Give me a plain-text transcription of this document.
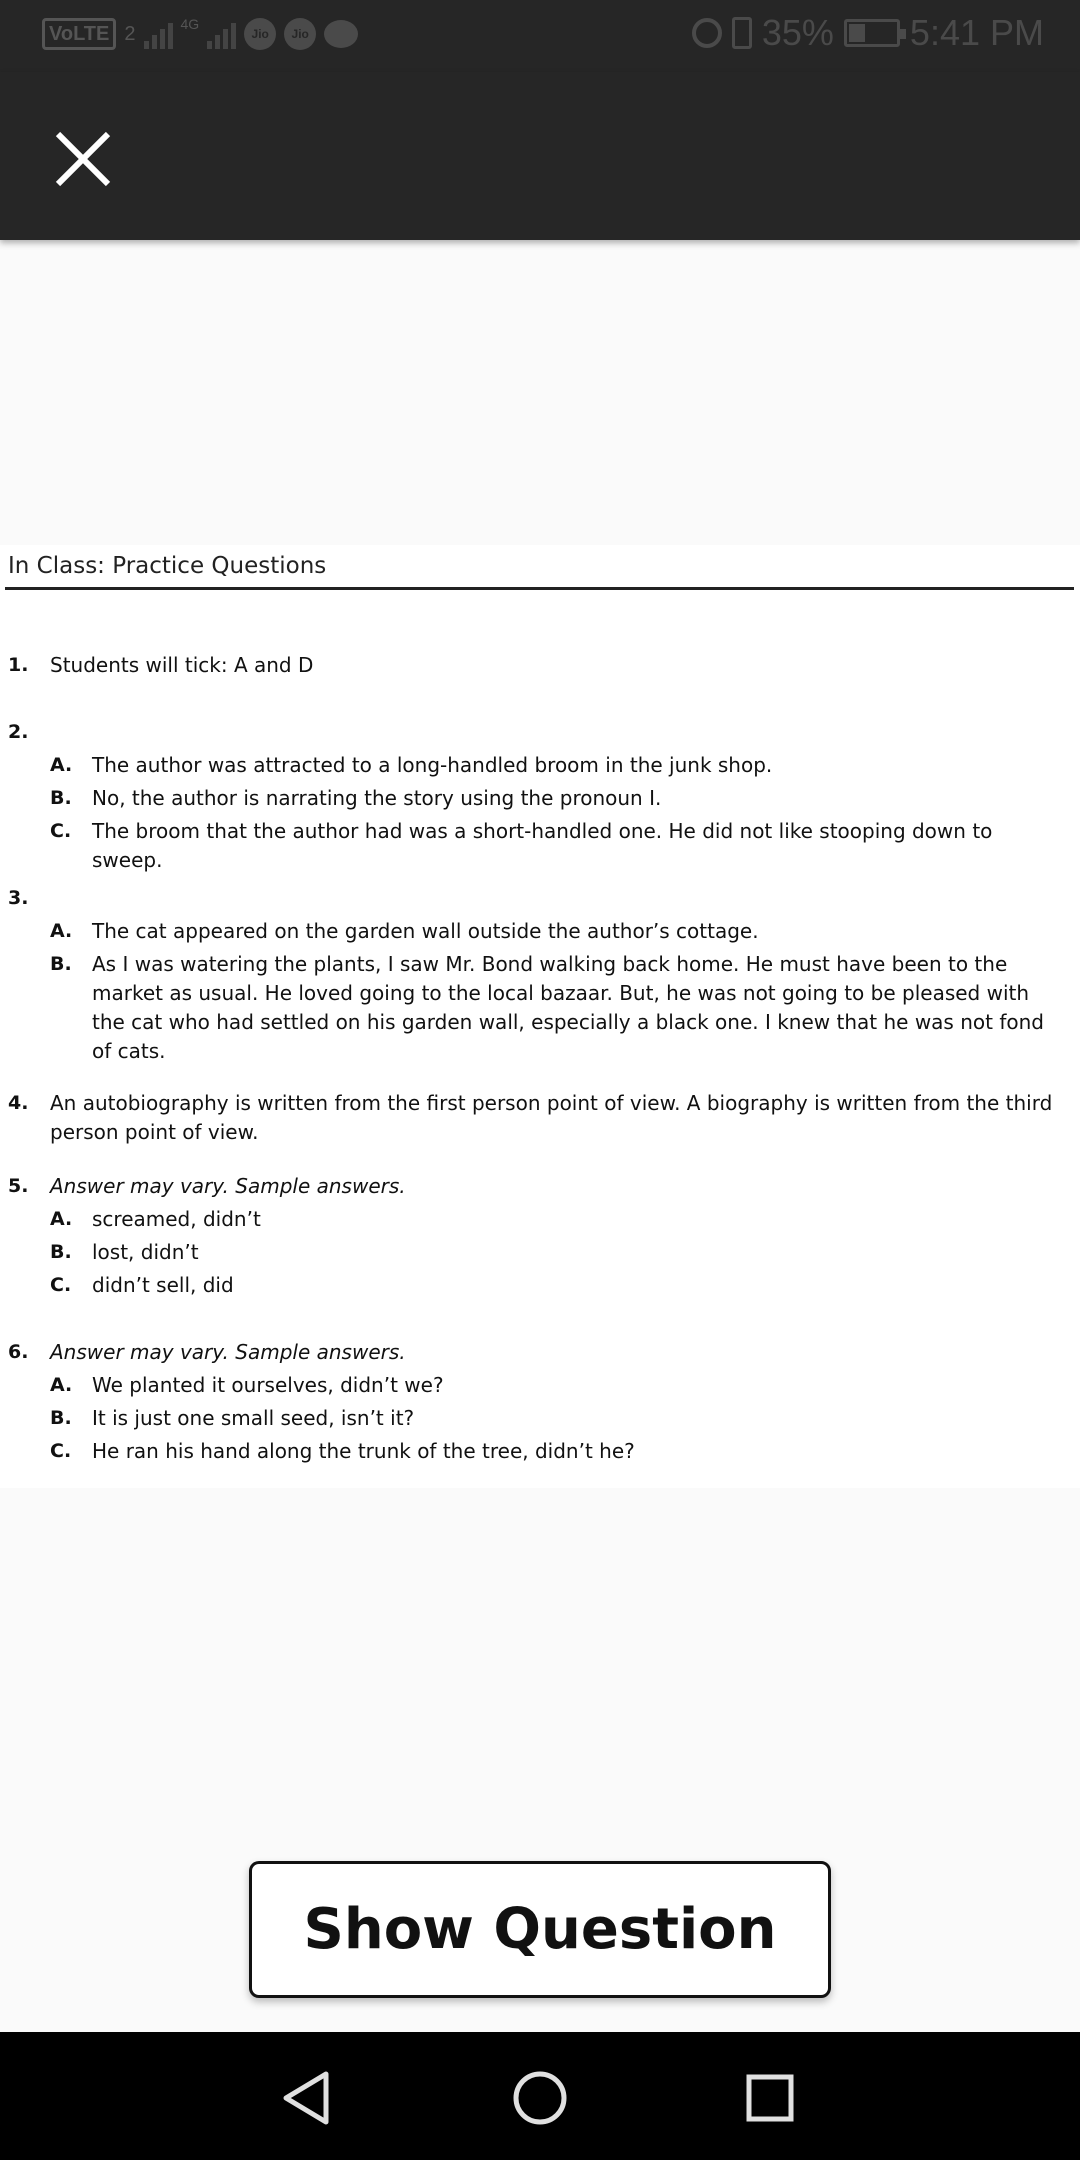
VoLTE 2	4G
Jio	Jio	35% 5:41 PM
In Class: Practice Questions
1. Students will tick: A and D
2.
A. The author was attracted to a long-handled broom in the junk shop.
B. No, the author is narrating the story using the pronoun I.
C. The broom that the author had was a short-handled one. He did not like stooping down to sweep.
3.
A. The cat appeared on the garden wall outside the author’s cottage.
B. As I was watering the plants, I saw Mr. Bond walking back home. He must have been to the market as usual. He loved going to the local bazaar. But, he was not going to be pleased with the cat who had settled on his garden wall, especially a black one. I knew that he was not fond of cats.
4. An autobiography is written from the first person point of view. A biography is written from the third person point of view.
5. Answer may vary. Sample answers.
A. screamed, didn’t
B. lost, didn’t
C. didn’t sell, did
6. Answer may vary. Sample answers.
A. We planted it ourselves, didn’t we?
B. It is just one small seed, isn’t it?
C. He ran his hand along the trunk of the tree, didn’t he?
Show Question
